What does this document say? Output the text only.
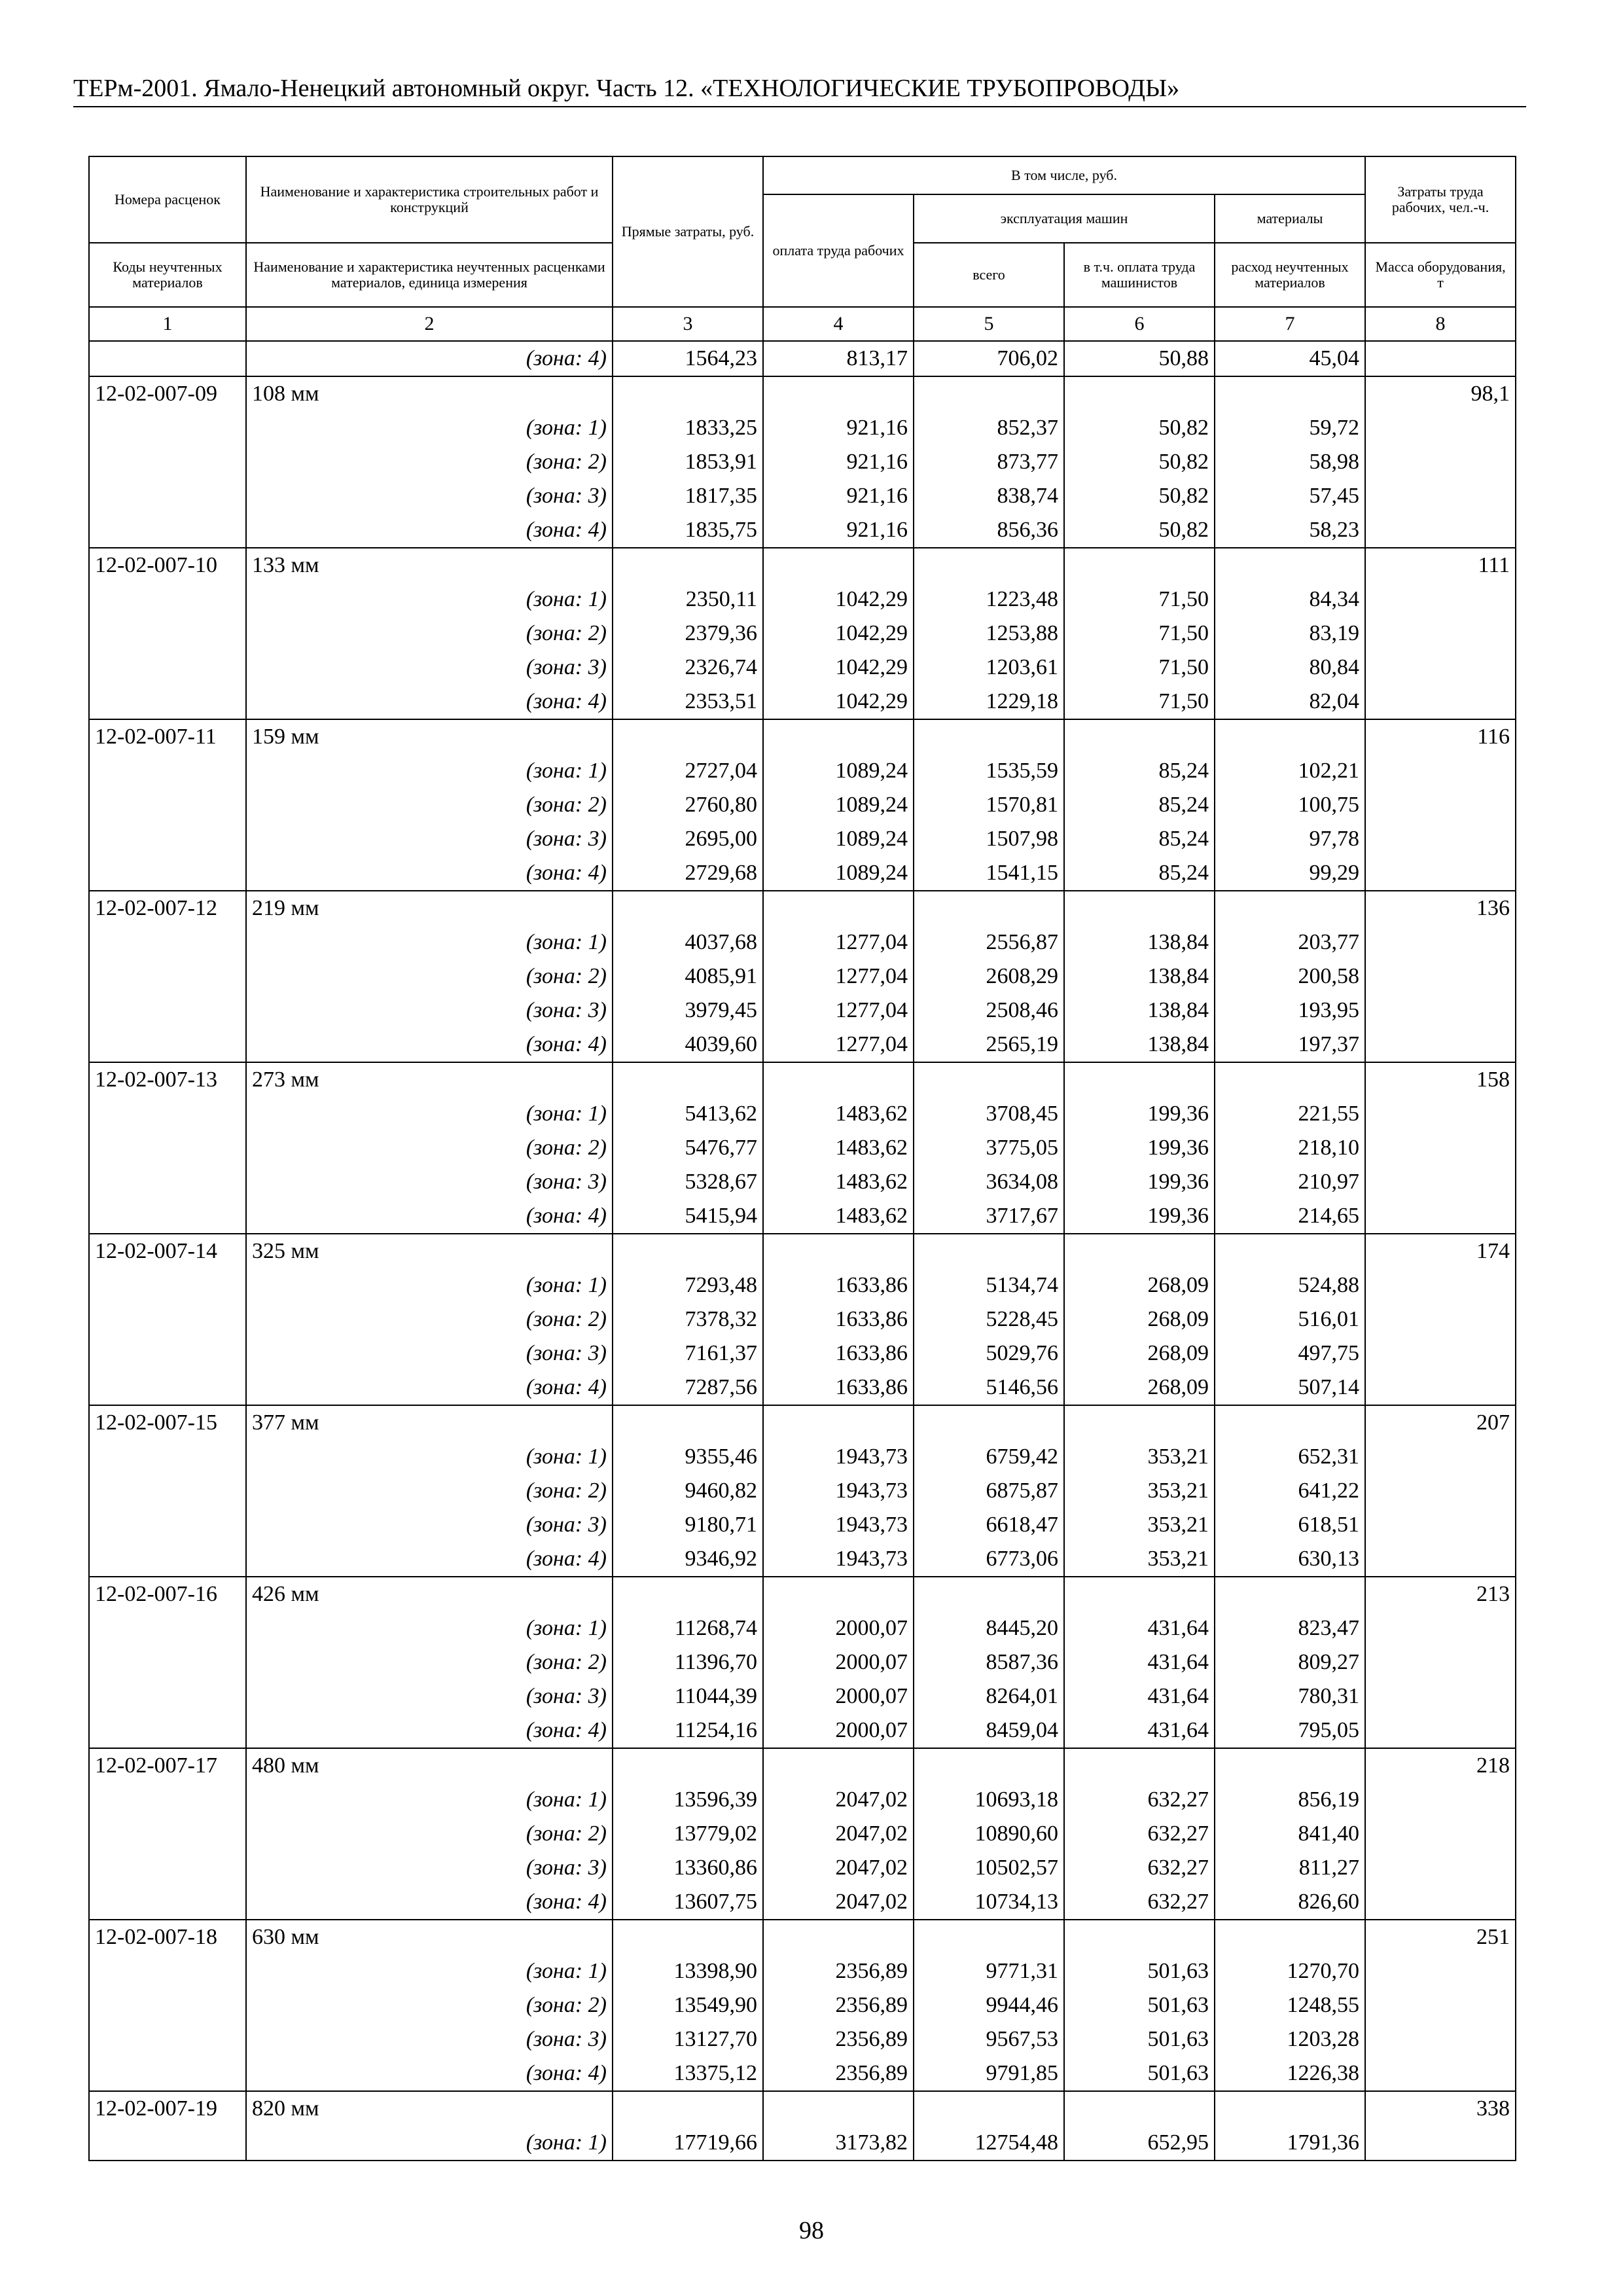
ТЕРм-2001. Ямало-Ненецкий автономный округ. Часть 12. «ТЕХНОЛОГИЧЕСКИЕ ТРУБОПРОВОДЫ»
Номера расценок	Наименование и характеристика строительных работ и конструкций	Прямые затраты, руб.	В том числе, руб.				Затраты труда рабочих, чел.-ч.
			оплата труда рабочих	эксплуатация машин		материалы	

Коды неучтенных материалов	Наименование и характеристика неучтенных расценками материалов, единица измерения			всего	в т.ч. оплата труда машинистов	расход неучтенных материалов	Масса оборудования, т

1	2	3	4	5	6	7	8
	(зона: 4)	1564,23	813,17	706,02	50,88	45,04	
12-02-007-09	108 мм						98,1
	(зона: 1)	1833,25	921,16	852,37	50,82	59,72	
	(зона: 2)	1853,91	921,16	873,77	50,82	58,98	
	(зона: 3)	1817,35	921,16	838,74	50,82	57,45	
	(зона: 4)	1835,75	921,16	856,36	50,82	58,23	
12-02-007-10	133 мм						111
	(зона: 1)	2350,11	1042,29	1223,48	71,50	84,34	
	(зона: 2)	2379,36	1042,29	1253,88	71,50	83,19	
	(зона: 3)	2326,74	1042,29	1203,61	71,50	80,84	
	(зона: 4)	2353,51	1042,29	1229,18	71,50	82,04	
12-02-007-11	159 мм						116
	(зона: 1)	2727,04	1089,24	1535,59	85,24	102,21	
	(зона: 2)	2760,80	1089,24	1570,81	85,24	100,75	
	(зона: 3)	2695,00	1089,24	1507,98	85,24	97,78	
	(зона: 4)	2729,68	1089,24	1541,15	85,24	99,29	
12-02-007-12	219 мм						136
	(зона: 1)	4037,68	1277,04	2556,87	138,84	203,77	
	(зона: 2)	4085,91	1277,04	2608,29	138,84	200,58	
	(зона: 3)	3979,45	1277,04	2508,46	138,84	193,95	
	(зона: 4)	4039,60	1277,04	2565,19	138,84	197,37	
12-02-007-13	273 мм						158
	(зона: 1)	5413,62	1483,62	3708,45	199,36	221,55	
	(зона: 2)	5476,77	1483,62	3775,05	199,36	218,10	
	(зона: 3)	5328,67	1483,62	3634,08	199,36	210,97	
	(зона: 4)	5415,94	1483,62	3717,67	199,36	214,65	
12-02-007-14	325 мм						174
	(зона: 1)	7293,48	1633,86	5134,74	268,09	524,88	
	(зона: 2)	7378,32	1633,86	5228,45	268,09	516,01	
	(зона: 3)	7161,37	1633,86	5029,76	268,09	497,75	
	(зона: 4)	7287,56	1633,86	5146,56	268,09	507,14	
12-02-007-15	377 мм						207
	(зона: 1)	9355,46	1943,73	6759,42	353,21	652,31	
	(зона: 2)	9460,82	1943,73	6875,87	353,21	641,22	
	(зона: 3)	9180,71	1943,73	6618,47	353,21	618,51	
	(зона: 4)	9346,92	1943,73	6773,06	353,21	630,13	
12-02-007-16	426 мм						213
	(зона: 1)	11268,74	2000,07	8445,20	431,64	823,47	
	(зона: 2)	11396,70	2000,07	8587,36	431,64	809,27	
	(зона: 3)	11044,39	2000,07	8264,01	431,64	780,31	
	(зона: 4)	11254,16	2000,07	8459,04	431,64	795,05	
12-02-007-17	480 мм						218
	(зона: 1)	13596,39	2047,02	10693,18	632,27	856,19	
	(зона: 2)	13779,02	2047,02	10890,60	632,27	841,40	
	(зона: 3)	13360,86	2047,02	10502,57	632,27	811,27	
	(зона: 4)	13607,75	2047,02	10734,13	632,27	826,60	
12-02-007-18	630 мм						251
	(зона: 1)	13398,90	2356,89	9771,31	501,63	1270,70	
	(зона: 2)	13549,90	2356,89	9944,46	501,63	1248,55	
	(зона: 3)	13127,70	2356,89	9567,53	501,63	1203,28	
	(зона: 4)	13375,12	2356,89	9791,85	501,63	1226,38	
12-02-007-19	820 мм						338
	(зона: 1)	17719,66	3173,82	12754,48	652,95	1791,36	
98
